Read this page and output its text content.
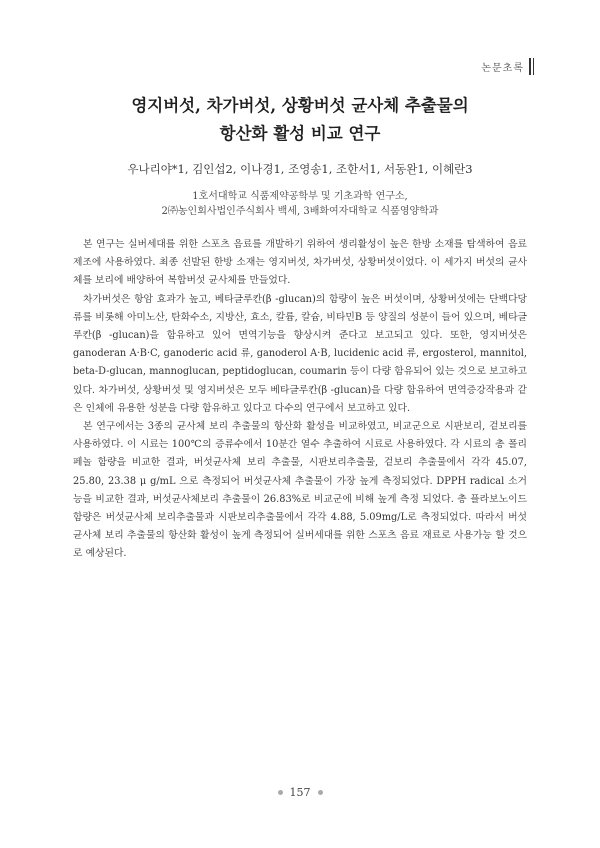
논문초록
영지버섯, 차가버섯, 상황버섯 균사체 추출물의
항산화 활성 비교 연구
우나리야*1, 김인섭2, 이나경1, 조영송1, 조한서1, 서동완1, 이혜란3
1호서대학교 식품제약공학부 및 기초과학 연구소,
2㈜농인회사법인주식회사 백세, 3배화여자대학교 식품영양학과

본 연구는 실버세대를 위한 스포츠 음료를 개발하기 위하여 생리활성이 높은 한방 소재를 탐색하여 음료 제조에 사용하였다. 최종 선발된 한방 소재는 영지버섯, 차가버섯, 상황버섯이었다. 이 세가지 버섯의 균사체를 보리에 배양하여 복합버섯 균사체를 만들었다.

차가버섯은 항암 효과가 높고, 베타글루칸(β -glucan)의 함량이 높은 버섯이며, 상황버섯에는 단백다당류를 비롯해 아미노산, 탄화수소, 지방산, 효소, 칼륨, 칼슘, 비타민B 등 양질의 성분이 들어 있으며, 베타글루칸(β -glucan)을 함유하고 있어 면역기능을 향상시켜 준다고 보고되고 있다. 또한, 영지버섯은 ganoderan A·B·C, ganoderic acid 류, ganoderol A·B, lucidenic acid 류, ergosterol, mannitol, beta-D-glucan, mannoglucan, peptidoglucan, coumarin 등이 다량 함유되어 있는 것으로 보고하고 있다. 차가버섯, 상황버섯 및 영지버섯은 모두 베타글루칸(β -glucan)을 다량 함유하여 면역증강작용과 같은 인체에 유용한 성분을 다량 함유하고 있다고 다수의 연구에서 보고하고 있다.

본 연구에서는 3종의 균사체 보리 추출물의 항산화 활성을 비교하였고, 비교군으로 시판보리, 겉보리를 사용하였다. 이 시료는 100℃의 증류수에서 10분간 열수 추출하여 시료로 사용하였다. 각 시료의 총 폴리페놀 함량을 비교한 결과, 버섯균사체 보리 추출물, 시판보리추출물, 겉보리 추출물에서 각각 45.07, 25.80, 23.38 μ g/mL 으로 측정되어 버섯균사체 추출물이 가장 높게 측정되었다. DPPH radical 소거능을 비교한 결과, 버섯균사체보리 추출물이 26.83%로 비교군에 비해 높게 측정 되었다. 총 플라보노이드 함량은 버섯균사체 보리추출물과 시판보리추출물에서 각각 4.88, 5.09mg/L로 측정되었다. 따라서 버섯 균사체 보리 추출물의 항산화 활성이 높게 측정되어 실버세대를 위한 스포츠 음료 재료로 사용가능 할 것으로 예상된다.

157
